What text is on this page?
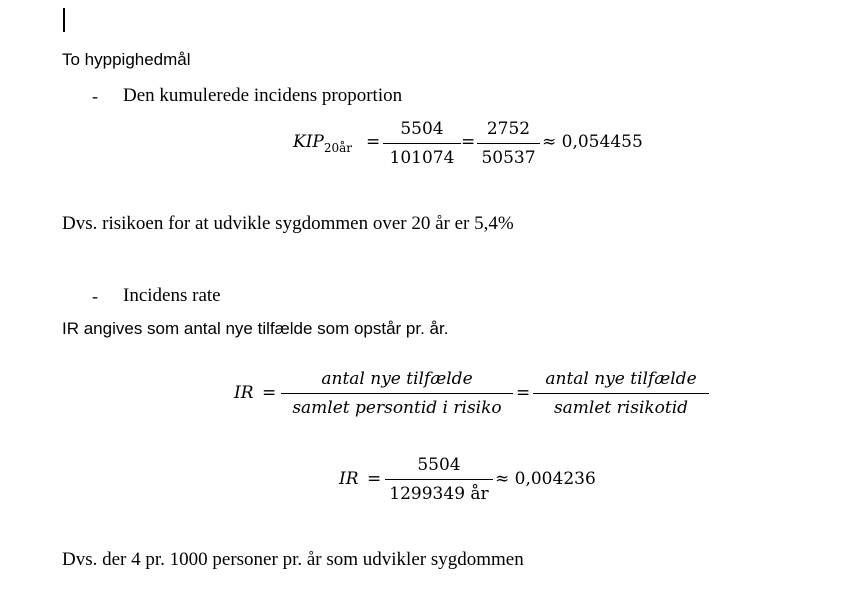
To hyppighedmål
- Den kumulerede incidens proportion
$KIP_{20år}$ =
5504
101074
=
2752
50537
≈ 0,054455
Dvs. risikoen for at udvikle sygdommen over 20 år er 5,4%
- Incidens rate
IR angives som antal nye tilfælde som opstår pr. år.
IR =
antal nye tilfælde
samlet persontid i risiko
=
antal nye tilfælde
samlet risikotid
IR =
5504
1299349 år
≈ 0,004236
Dvs. der 4 pr. 1000 personer pr. år som udvikler sygdommen
